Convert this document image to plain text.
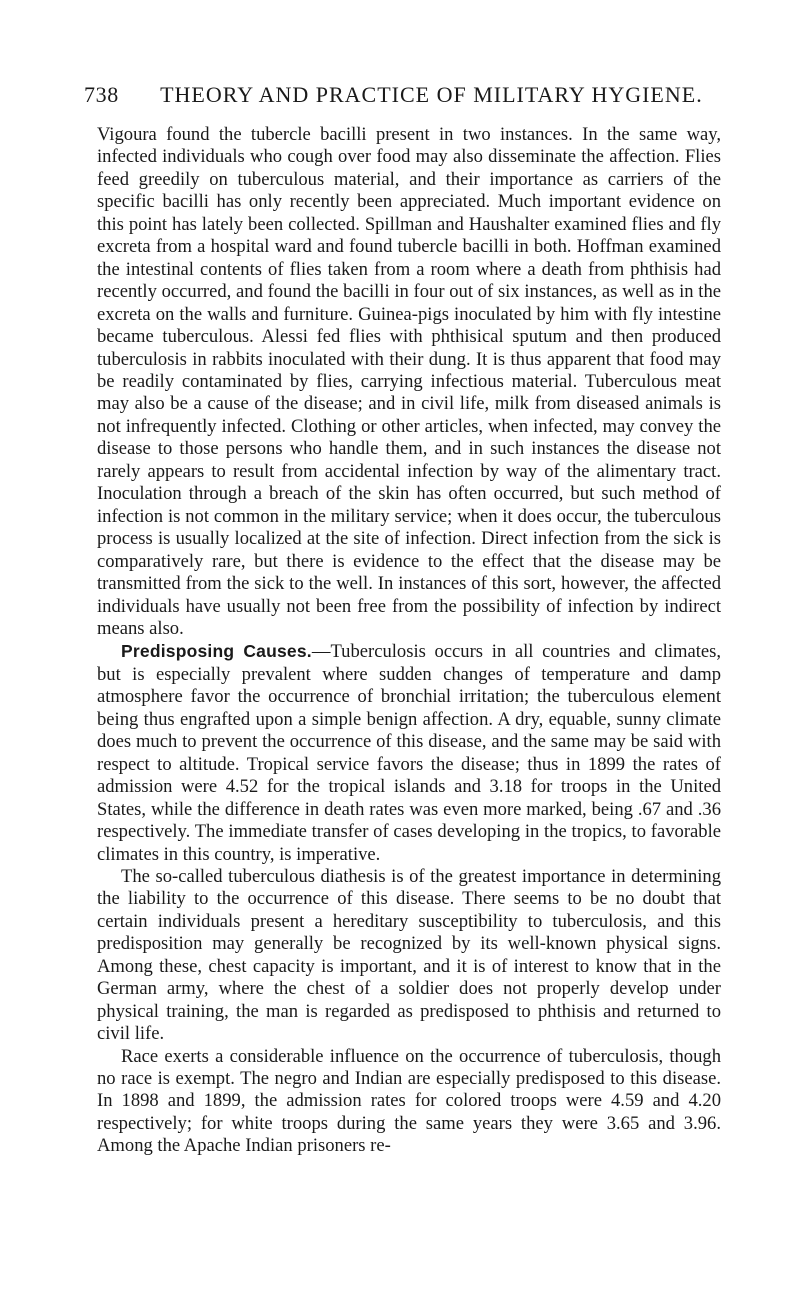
738	THEORY AND PRACTICE OF MILITARY HYGIENE.

Vigoura found the tubercle bacilli present in two instances. In the same way, infected individuals who cough over food may also disseminate the affection. Flies feed greedily on tuberculous material, and their importance as carriers of the specific bacilli has only recently been appreciated. Much important evidence on this point has lately been collected. Spillman and Haushalter examined flies and fly excreta from a hospital ward and found tubercle bacilli in both. Hoffman examined the intestinal contents of flies taken from a room where a death from phthisis had recently occurred, and found the bacilli in four out of six instances, as well as in the excreta on the walls and furniture. Guinea-pigs inoculated by him with fly intestine became tuberculous. Alessi fed flies with phthisical sputum and then produced tuberculosis in rabbits inoculated with their dung. It is thus apparent that food may be readily contaminated by flies, carrying infectious material. Tuberculous meat may also be a cause of the disease; and in civil life, milk from diseased animals is not infrequently infected. Clothing or other articles, when infected, may convey the disease to those persons who handle them, and in such instances the disease not rarely appears to result from accidental infection by way of the alimentary tract. Inoculation through a breach of the skin has often occurred, but such method of infection is not common in the military service; when it does occur, the tuberculous process is usually localized at the site of infection. Direct infection from the sick is comparatively rare, but there is evidence to the effect that the disease may be transmitted from the sick to the well. In instances of this sort, however, the affected individuals have usually not been free from the possibility of infection by indirect means also.

Predisposing Causes.—Tuberculosis occurs in all countries and climates, but is especially prevalent where sudden changes of temperature and damp atmosphere favor the occurrence of bronchial irritation; the tuberculous element being thus engrafted upon a simple benign affection. A dry, equable, sunny climate does much to prevent the occurrence of this disease, and the same may be said with respect to altitude. Tropical service favors the disease; thus in 1899 the rates of admission were 4.52 for the tropical islands and 3.18 for troops in the United States, while the difference in death rates was even more marked, being .67 and .36 respectively. The immediate transfer of cases developing in the tropics, to favorable climates in this country, is imperative.

The so-called tuberculous diathesis is of the greatest importance in determining the liability to the occurrence of this disease. There seems to be no doubt that certain individuals present a hereditary susceptibility to tuberculosis, and this predisposition may generally be recognized by its well-known physical signs. Among these, chest capacity is important, and it is of interest to know that in the German army, where the chest of a soldier does not properly develop under physical training, the man is regarded as predisposed to phthisis and returned to civil life.

Race exerts a considerable influence on the occurrence of tuberculosis, though no race is exempt. The negro and Indian are especially predisposed to this disease. In 1898 and 1899, the admission rates for colored troops were 4.59 and 4.20 respectively; for white troops during the same years they were 3.65 and 3.96. Among the Apache Indian prisoners re-
